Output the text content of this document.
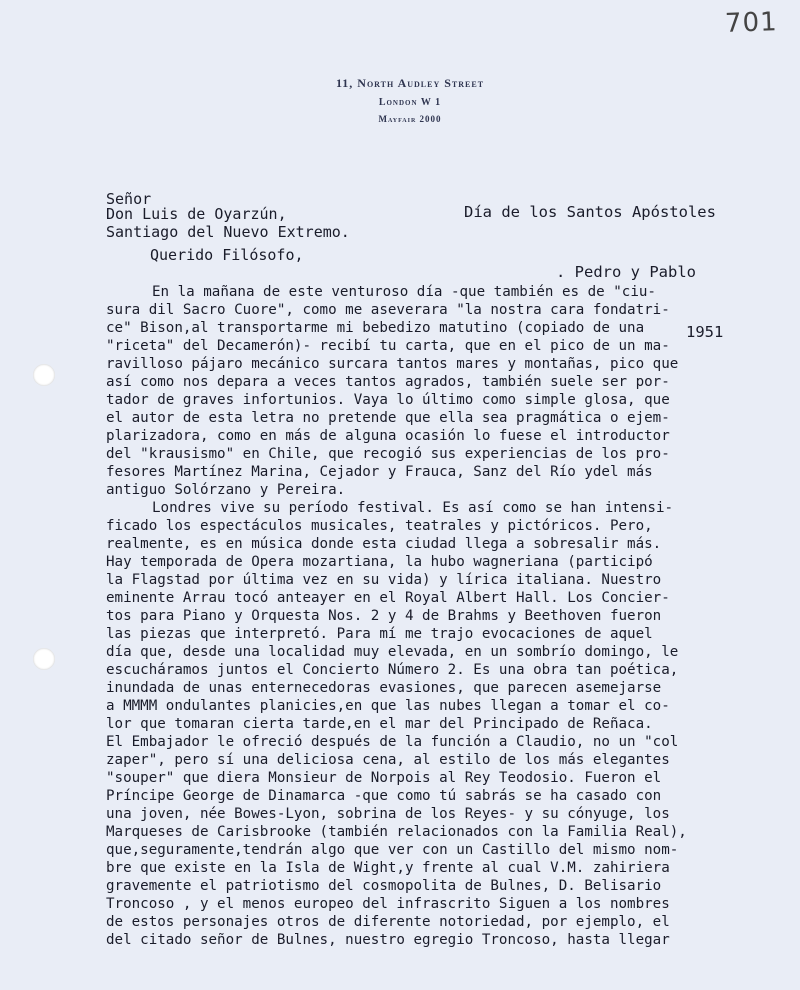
701
11, North Audley Street
London W 1
Mayfair 2000

Día de los Santos Apóstoles

. Pedro y Pablo

1951

Señor
Don Luis de Oyarzún,
Santiago del Nuevo Extremo.
Querido Filósofo,
En la mañana de este venturoso día -que también es de "ciu-
sura dil Sacro Cuore", como me aseverara "la nostra cara fondatri-
ce" Bison,al transportarme mi bebedizo matutino (copiado de una
"riceta" del Decamerón)- recibí tu carta, que en el pico de un ma-
ravilloso pájaro mecánico surcara tantos mares y montañas, pico que
así como nos depara a veces tantos agrados, también suele ser por-
tador de graves infortunios. Vaya lo último como simple glosa, que
el autor de esta letra no pretende que ella sea pragmática o ejem-
plarizadora, como en más de alguna ocasión lo fuese el introductor
del "krausismo" en Chile, que recogió sus experiencias de los pro-
fesores Martínez Marina, Cejador y Frauca, Sanz del Río ydel más
antiguo Solórzano y Pereira.
Londres vive su período festival. Es así como se han intensi-
ficado los espectáculos musicales, teatrales y pictóricos. Pero,
realmente, es en música donde esta ciudad llega a sobresalir más.
Hay temporada de Opera mozartiana, la hubo wagneriana (participó
la Flagstad por última vez en su vida) y lírica italiana. Nuestro
eminente Arrau tocó anteayer en el Royal Albert Hall. Los Concier-
tos para Piano y Orquesta Nos. 2 y 4 de Brahms y Beethoven fueron
las piezas que interpretó. Para mí me trajo evocaciones de aquel
día que, desde una localidad muy elevada, en un sombrío domingo, le
escucháramos juntos el Concierto Número 2. Es una obra tan poética,
inundada de unas enternecedoras evasiones, que parecen asemejarse
a MMMM ondulantes planicies,en que las nubes llegan a tomar el co-
lor que tomaran cierta tarde,en el mar del Principado de Reñaca.
El Embajador le ofreció después de la función a Claudio, no un "col
zaper", pero sí una deliciosa cena, al estilo de los más elegantes
"souper" que diera Monsieur de Norpois al Rey Teodosio. Fueron el
Príncipe George de Dinamarca -que como tú sabrás se ha casado con
una joven, née Bowes-Lyon, sobrina de los Reyes- y su cónyuge, los
Marqueses de Carisbrooke (también relacionados con la Familia Real),
que,seguramente,tendrán algo que ver con un Castillo del mismo nom-
bre que existe en la Isla de Wight,y frente al cual V.M. zahiriera
gravemente el patriotismo del cosmopolita de Bulnes, D. Belisario
Troncoso , y el menos europeo del infrascrito Siguen a los nombres
de estos personajes otros de diferente notoriedad, por ejemplo, el
del citado señor de Bulnes, nuestro egregio Troncoso, hasta llegar
